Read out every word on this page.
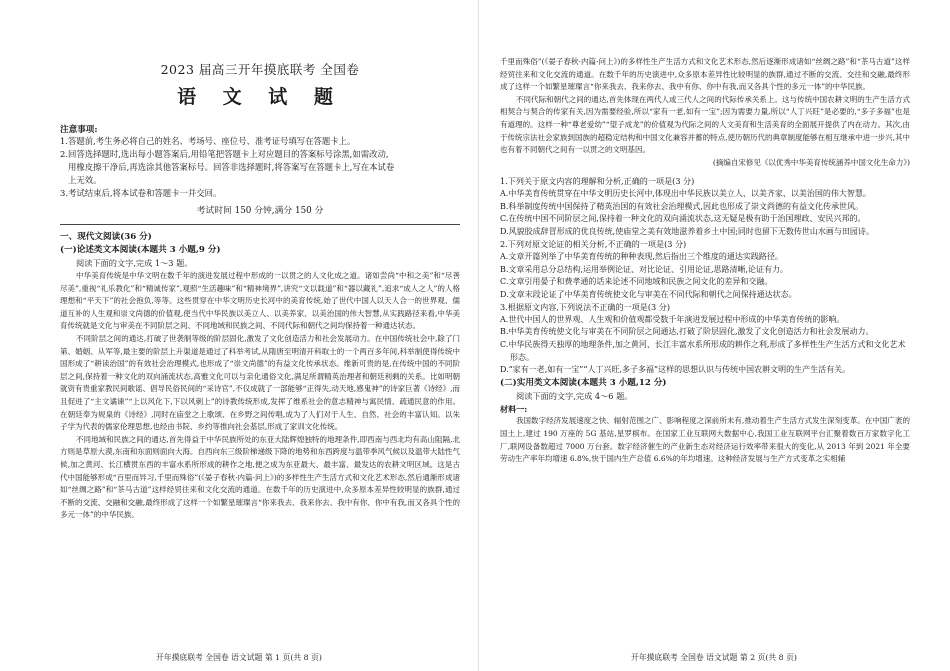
2023 届高三开年摸底联考 全国卷
语 文 试 题
注意事项:
1.答题前,考生务必将自己的姓名、考场号、座位号、准考证号填写在答题卡上。
2.回答选择题时,选出每小题答案后,用铅笔把答题卡上对应题目的答案标号涂黑,如需改动,
用橡皮擦干净后,再选涂其他答案标号。回答非选择题时,将答案写在答题卡上,写在本试卷
上无效。
3.考试结束后,将本试卷和答题卡一并交回。
考试时间 150 分钟,满分 150 分
一、现代文阅读(36 分)
(一)论述类文本阅读(本题共 3 小题,9 分)
阅读下面的文字,完成 1～3 题。
中华美育传统是中华文明在数千年的演进发展过程中形成的一以贯之的人文化成之道。诸如尝尚“中和之美”和“尽善尽美”,重视“礼乐教化”和“精诚传家”,观照“生活趣味”和“精神境界”,讲究“文以载道”和“器以藏礼”,追求“成人之人”的人格理想和“平天下”的社会抱负,等等。这些贯穿在中华文明历史长河中的美育传统,始了世代中国人以天人合一的世界观、儒道互补的人生观和崇文尚德的价值观,使当代中华民族以美立人、以美养家、以美治国的伟大智慧,从实践路径来看,中华美育传统就是文化与审美在不同阶层之间、不同地域和民族之间、不同代际和朝代之间均保持着一种通达状态。
不同阶层之间的通达,打破了世袭制等级的阶层固化,激发了文化创造活力和社会发展动力。在中国传统社会中,除了门第、婚姻、从军等,最主要的阶层上升渠道是通过了科举考试,从隋唐至明清开科取士的一个两百多年间,科举制使得传统中国形成了“耕读治国”的有效社会治理模式,也形成了“崇文尚德”的有益文化传承状态。维新可贵的是,在传统中国的不同阶层之间,保持着一种文化的双向涌流状态,高雅文化可以与亲化通俗文化,满足所谓精英治理者和朝廷利剩的关系。比如明朝就资有贵重家教民间歌谣、倡导民俗民间的“采诗官”,不仅成就了一部能够“正得失,动天地,感鬼神”的诗家巨著《诗经》,而且促进了“主文谲谏”“上以风化下,下以风刺上”的诗教传统形成,发挥了维系社会的意志精神与寓民情、疏通民意的作用。在朝廷奉为规臬的《诗经》,同时在庙堂之上歌颂、在乡野之间传唱,成为了人们对于人生、自然、社会的丰富认知。以朱子学为代表的儒家伦理思想,也经由书院、乡约等推向社会基层,形成了家训文化传统。
不同地域和民族之间的通达,首先得益于中华民族所处的东亚大陆辉煌独特的地理条件,即西南与西北均有高山阻隔,北方则是草原大漠,东南和东面则面向大海。自西向东三级阶梯递级下降的地势和东西跨度与温带季风气候以及温带大陆性气候,加之黄河、长江横贯东西的丰富水系所形成的耕作之地,便之成为东亚最大、最丰富、最发达的农耕文明区域。这是古代中国能够形成“百里而异习,千里而殊俗”(《晏子春秋·内篇·问上》)的多样性生产生活方式和文化艺术形态,然后通渐形成诸如“丝绸之路”和“茶马古道”这样经贸往来和文化交流的通道。在数千年的历史演进中,众多原本差异性较明显的族群,通过不断的交流、交融和交融,最终形成了这样一个如繁星璀璨言“你来我去、我来你去、我中有你、你中有我,而又各具个性的多元一体”的中华民族。
开年摸底联考 全国卷 语文试题 第 1 页(共 8 页)
千里而殊俗”(《晏子春秋·内篇·问上》)的多样性生产生活方式和文化艺术形态,然后逐渐形成诸如“丝绸之路”和“茶马古道”这样经贸往来和文化交流的通道。在数千年的历史演进中,众多原本差异性比较明显的族群,通过不断的交流、交往和交融,最终形成了这样一个如繁星璀璨言“你来我去、我来你去、我中有你、你中有我,而又各具个性的多元一体”的中华民族。
不同代际和朝代之间的通达,首先体现在两代人或三代人之间的代际传承关系上。这与传统中国农耕文明的生产生活方式相契合与契合的传家有关,因为需要经验,所以“家有一老,如有一宝”;因为需要力量,所以“人丁兴旺”是必要的,“多子多福”也是有道理的。这样一种“尊老爱幼”“望子成龙”的价值观为代际之间的人文美育和生活美育的全面展开提供了内在动力。其次,由于传统宗法社会家族到国族的超稳定结构和中国文化兼容并蓄的特点,使历朝历代的典章制度能够在相互继承中进一步兴,其中也有着不同朝代之间有一以贯之的文明基因。
(摘编自宋修见《以优秀中华美育传统涵养中国文化生命力》)
1.下列关于原文内容的理解和分析,正确的一项是(3 分)
A.中华美育传统贯穿在中华文明历史长河中,体现出中华民族以美立人、以美齐家、以美治国的伟大智慧。
B.科举制度传统中国保持了精英治国的有效社会治理模式,因此也形成了崇文尚德的有益文化传承世风。
C.在传统中国不同阶层之间,保持着一种文化的双向涌流状态,这无疑是极有助于治国理政、安民兴邦的。
D.风貌胶成辞冒形成的优良传统,使庙堂之美有效地滋养着乡土中国;同时也留下无数传世山水画与田园诗。
2.下列对原文论证的相关分析,不正确的一项是(3 分)
A.文章开篇列举了中华美育传统的种种表现,然后指出三个维度的通达实践路径。
B.文章采用总分总结构,运用举例论证、对比论证、引用论证,思路清晰,论证有力。
C.文章引用晏子和费孝通的话来论述不同地域和民族之间文化的差异和交融。
D.文章末段论证了中华美育传统使文化与审美在不同代际和朝代之间保持通达状态。
3.根据原文内容,下列说法不正确的一项是(3 分)
A.世代中国人的世界观、人生观和价值观都受数千年演进发展过程中形成的中华美育传统的影响。
B.中华美育传统使文化与审美在不同阶层之间通达,打破了阶层固化,激发了文化创造活力和社会发展动力。
C.中华民族得天独厚的地理条件,加之黄河、长江丰富水系所形成的耕作之利,形成了多样性生产生活方式和文化艺术形态。
D.“家有一老,如有一宝”“人丁兴旺,多子多福”这样的思想认识与传统中国农耕文明的生产生活有关。
(二)实用类文本阅读(本题共 3 小题,12 分)
阅读下面的文字,完成 4～6 题。
材料一:
我国数字经济发展速度之快、辐射范围之广、影响程度之深前所未有,推动着生产生活方式发生深刻变革。在中国广袤的国土上,建过 190 万座的 5G 基站,星罗棋布。在国家工业互联网大数据中心,我国工业互联网平台汇聚着数百万家数字化工厂,联网设备数超过 7000 万台套。数字经济催生的产业新生态对经济运行效率带来很大的变化,从 2013 年到 2021 年全要劳动生产率年均增速 6.8%,快于国内生产总值 6.6%的年均增速。这种经济发展与生产方式变革之实相辅
开年摸底联考 全国卷 语文试题 第 2 页(共 8 页)
